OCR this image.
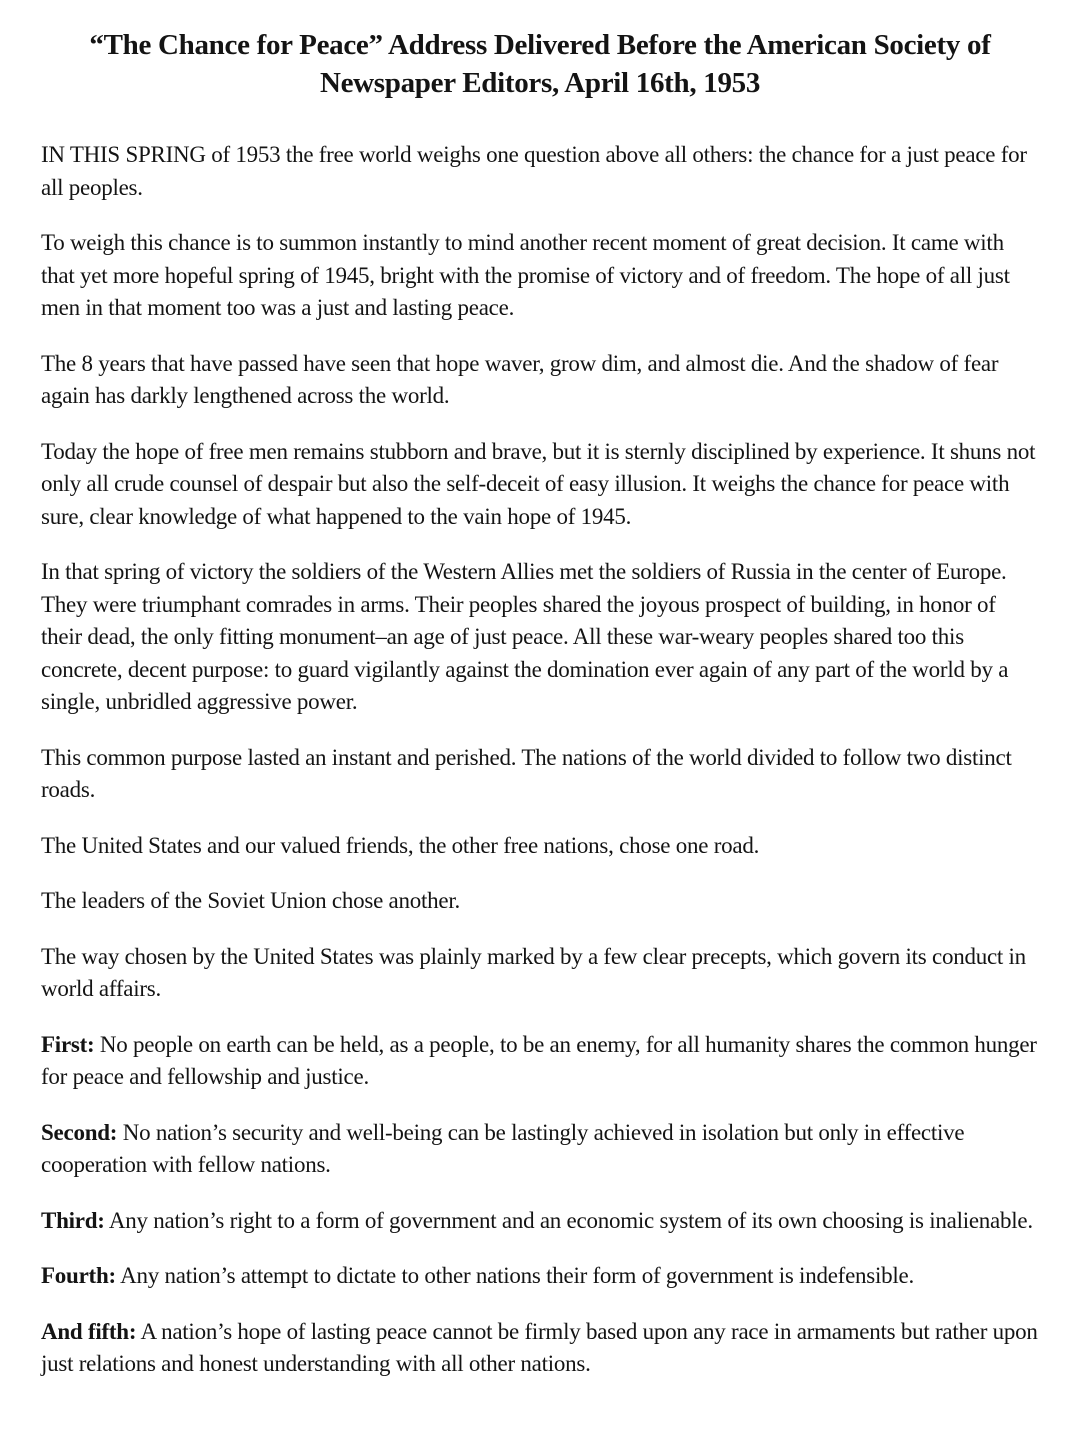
“The Chance for Peace” Address Delivered Before the American Society of Newspaper Editors, April 16th, 1953

IN THIS SPRING of 1953 the free world weighs one question above all others: the chance for a just peace for all peoples.

To weigh this chance is to summon instantly to mind another recent moment of great decision. It came with that yet more hopeful spring of 1945, bright with the promise of victory and of freedom. The hope of all just men in that moment too was a just and lasting peace.

The 8 years that have passed have seen that hope waver, grow dim, and almost die. And the shadow of fear again has darkly lengthened across the world.

Today the hope of free men remains stubborn and brave, but it is sternly disciplined by experience. It shuns not only all crude counsel of despair but also the self-deceit of easy illusion. It weighs the chance for peace with sure, clear knowledge of what happened to the vain hope of 1945.

In that spring of victory the soldiers of the Western Allies met the soldiers of Russia in the center of Europe. They were triumphant comrades in arms. Their peoples shared the joyous prospect of building, in honor of their dead, the only fitting monument–an age of just peace. All these war-weary peoples shared too this concrete, decent purpose: to guard vigilantly against the domination ever again of any part of the world by a single, unbridled aggressive power.

This common purpose lasted an instant and perished. The nations of the world divided to follow two distinct roads.

The United States and our valued friends, the other free nations, chose one road.

The leaders of the Soviet Union chose another.

The way chosen by the United States was plainly marked by a few clear precepts, which govern its conduct in world affairs.

First: No people on earth can be held, as a people, to be an enemy, for all humanity shares the common hunger for peace and fellowship and justice.

Second: No nation’s security and well-being can be lastingly achieved in isolation but only in effective cooperation with fellow nations.

Third: Any nation’s right to a form of government and an economic system of its own choosing is inalienable.

Fourth: Any nation’s attempt to dictate to other nations their form of government is indefensible.

And fifth: A nation’s hope of lasting peace cannot be firmly based upon any race in armaments but rather upon just relations and honest understanding with all other nations.
